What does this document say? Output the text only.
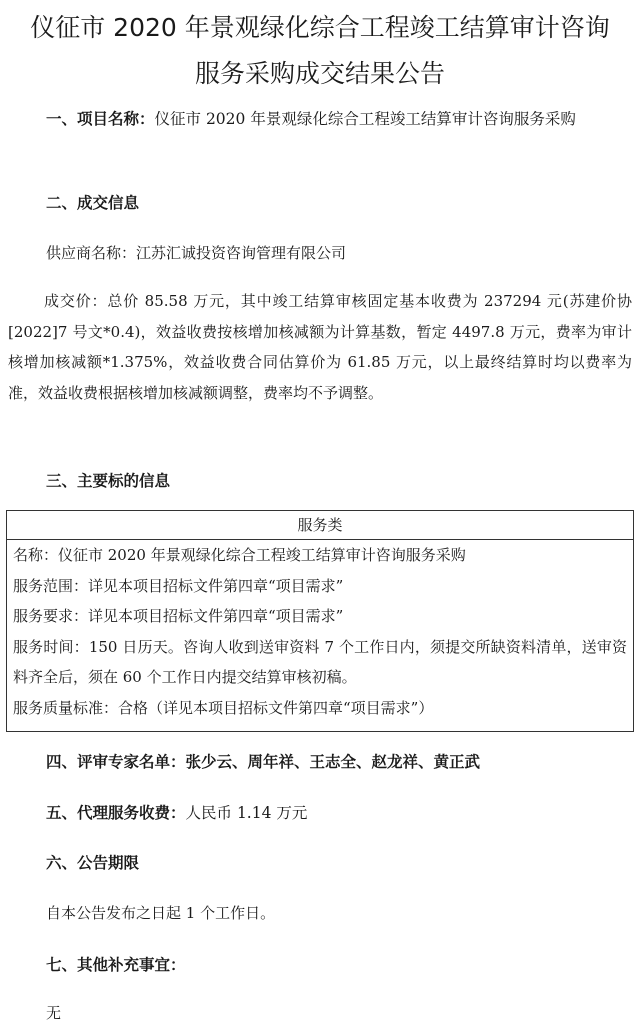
仪征市 2020 年景观绿化综合工程竣工结算审计咨询
服务采购成交结果公告

一、项目名称：仪征市 2020 年景观绿化综合工程竣工结算审计咨询服务采购

二、成交信息

供应商名称：江苏汇诚投资咨询管理有限公司

成交价：总价 85.58 万元，其中竣工结算审核固定基本收费为 237294 元(苏建价协[2022]7 号文*0.4)，效益收费按核增加核减额为计算基数，暂定 4497.8 万元，费率为审计核增加核减额*1.375%，效益收费合同估算价为 61.85 万元，以上最终结算时均以费率为准，效益收费根据核增加核减额调整，费率均不予调整。

三、主要标的信息

服务类
名称：仪征市 2020 年景观绿化综合工程竣工结算审计咨询服务采购
服务范围：详见本项目招标文件第四章“项目需求”
服务要求：详见本项目招标文件第四章“项目需求”
服务时间：150 日历天。咨询人收到送审资料 7 个工作日内，须提交所缺资料清单，送审资料齐全后，须在 60 个工作日内提交结算审核初稿。
服务质量标准：合格（详见本项目招标文件第四章“项目需求”）

四、评审专家名单：张少云、周年祥、王志全、赵龙祥、黄正武

五、代理服务收费：人民币 1.14 万元

六、公告期限

自本公告发布之日起 1 个工作日。

七、其他补充事宜：

无
